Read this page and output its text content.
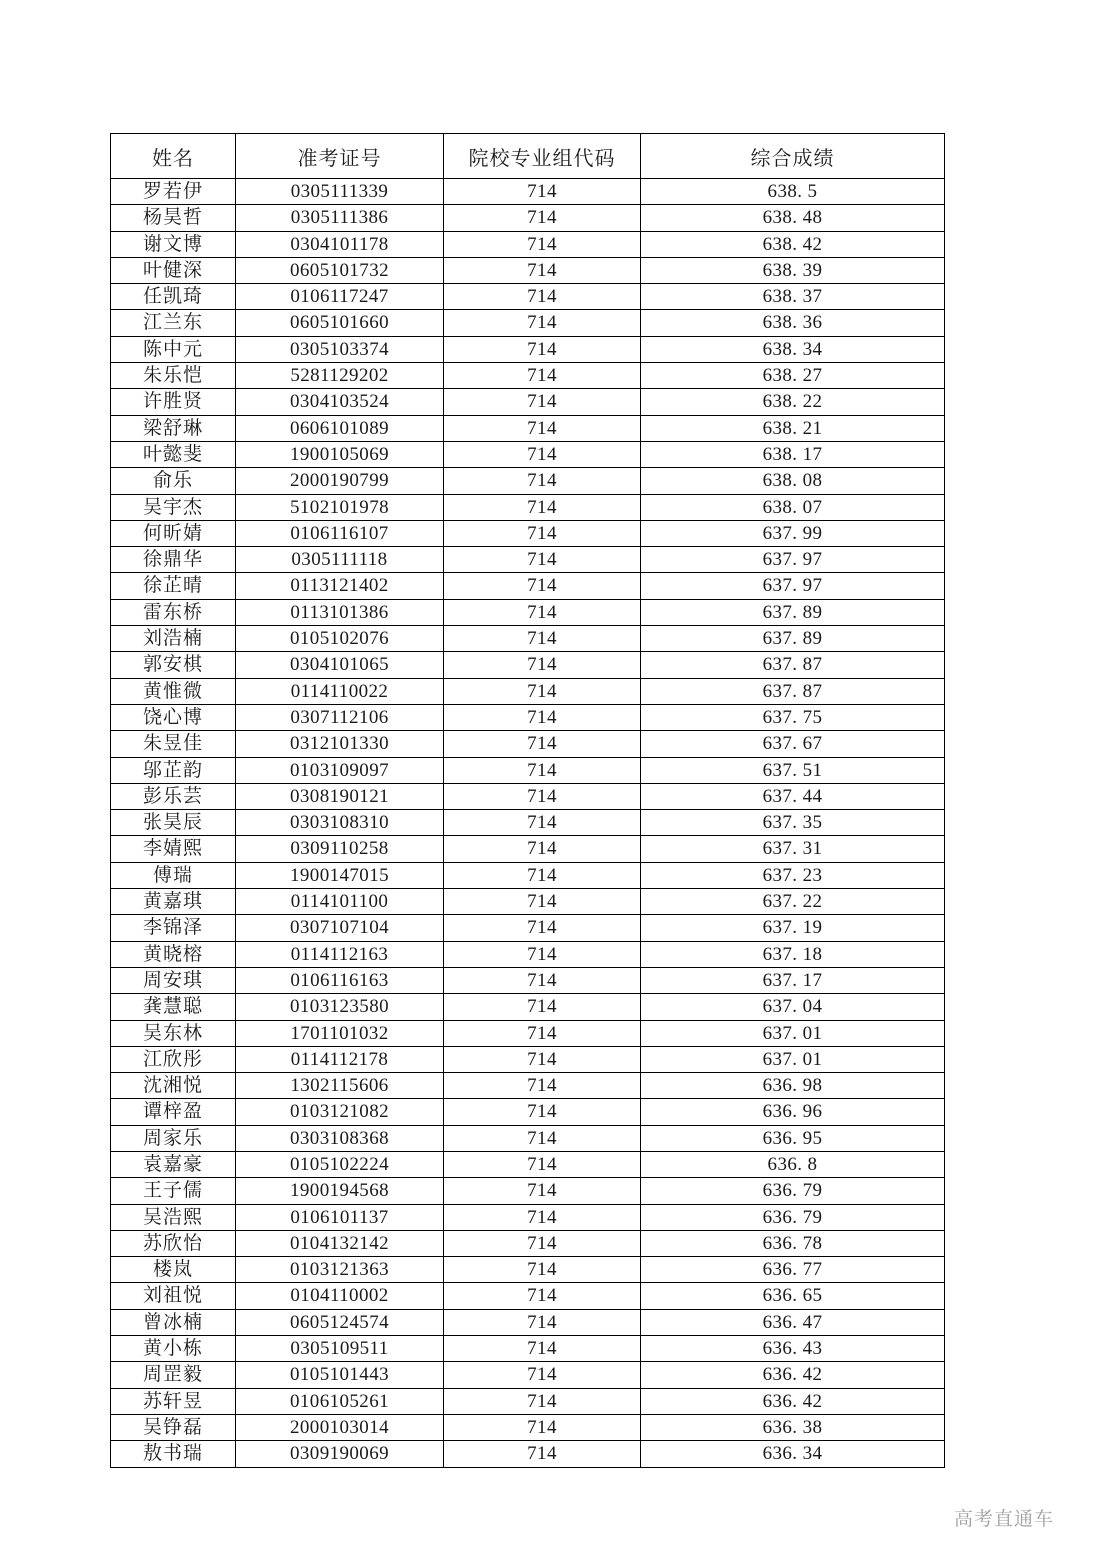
姓名	准考证号	院校专业组代码	综合成绩
罗若伊	0305111339	714	638. 5
杨昊哲	0305111386	714	638. 48
谢文博	0304101178	714	638. 42
叶健深	0605101732	714	638. 39
任凯琦	0106117247	714	638. 37
江兰东	0605101660	714	638. 36
陈中元	0305103374	714	638. 34
朱乐恺	5281129202	714	638. 27
许胜贤	0304103524	714	638. 22
梁舒琳	0606101089	714	638. 21
叶懿斐	1900105069	714	638. 17
俞乐	2000190799	714	638. 08
吴宇杰	5102101978	714	638. 07
何昕婧	0106116107	714	637. 99
徐鼎华	0305111118	714	637. 97
徐芷晴	0113121402	714	637. 97
雷东桥	0113101386	714	637. 89
刘浩楠	0105102076	714	637. 89
郭安棋	0304101065	714	637. 87
黄惟微	0114110022	714	637. 87
饶心博	0307112106	714	637. 75
朱昱佳	0312101330	714	637. 67
邬芷韵	0103109097	714	637. 51
彭乐芸	0308190121	714	637. 44
张昊辰	0303108310	714	637. 35
李婧熙	0309110258	714	637. 31
傅瑞	1900147015	714	637. 23
黄嘉琪	0114101100	714	637. 22
李锦泽	0307107104	714	637. 19
黄晓榕	0114112163	714	637. 18
周安琪	0106116163	714	637. 17
龚慧聪	0103123580	714	637. 04
吴东林	1701101032	714	637. 01
江欣彤	0114112178	714	637. 01
沈湘悦	1302115606	714	636. 98
谭梓盈	0103121082	714	636. 96
周家乐	0303108368	714	636. 95
袁嘉豪	0105102224	714	636. 8
王子儒	1900194568	714	636. 79
吴浩熙	0106101137	714	636. 79
苏欣怡	0104132142	714	636. 78
楼岚	0103121363	714	636. 77
刘祖悦	0104110002	714	636. 65
曾冰楠	0605124574	714	636. 47
黄小栋	0305109511	714	636. 43
周罡毅	0105101443	714	636. 42
苏轩昱	0106105261	714	636. 42
吴铮磊	2000103014	714	636. 38
敖书瑞	0309190069	714	636. 34
高考直通车
